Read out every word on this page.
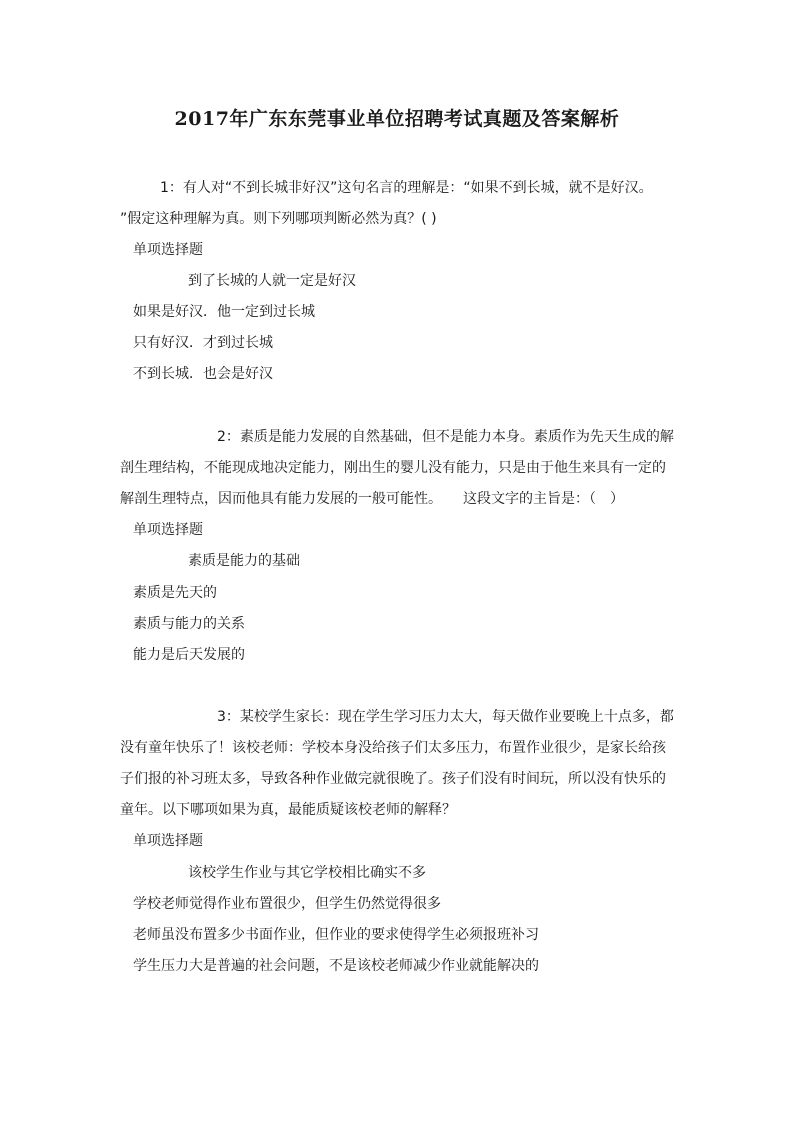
2017年广东东莞事业单位招聘考试真题及答案解析
1：有人对“不到长城非好汉”这句名言的理解是：“如果不到长城，就不是好汉。
”假定这种理解为真。则下列哪项判断必然为真？( )
单项选择题
到了长城的人就一定是好汉
如果是好汉．他一定到过长城
只有好汉．才到过长城
不到长城．也会是好汉
2：素质是能力发展的自然基础，但不是能力本身。素质作为先天生成的解
剖生理结构，不能现成地决定能力，刚出生的婴儿没有能力，只是由于他生来具有一定的
解剖生理特点，因而他具有能力发展的一般可能性。　　这段文字的主旨是：（　）
单项选择题
素质是能力的基础
素质是先天的
素质与能力的关系
能力是后天发展的
3：某校学生家长：现在学生学习压力太大，每天做作业要晚上十点多，都
没有童年快乐了！该校老师：学校本身没给孩子们太多压力，布置作业很少，是家长给孩
子们报的补习班太多，导致各种作业做完就很晚了。孩子们没有时间玩，所以没有快乐的
童年。以下哪项如果为真，最能质疑该校老师的解释？
单项选择题
该校学生作业与其它学校相比确实不多
学校老师觉得作业布置很少，但学生仍然觉得很多
老师虽没布置多少书面作业，但作业的要求使得学生必须报班补习
学生压力大是普遍的社会问题，不是该校老师减少作业就能解决的
